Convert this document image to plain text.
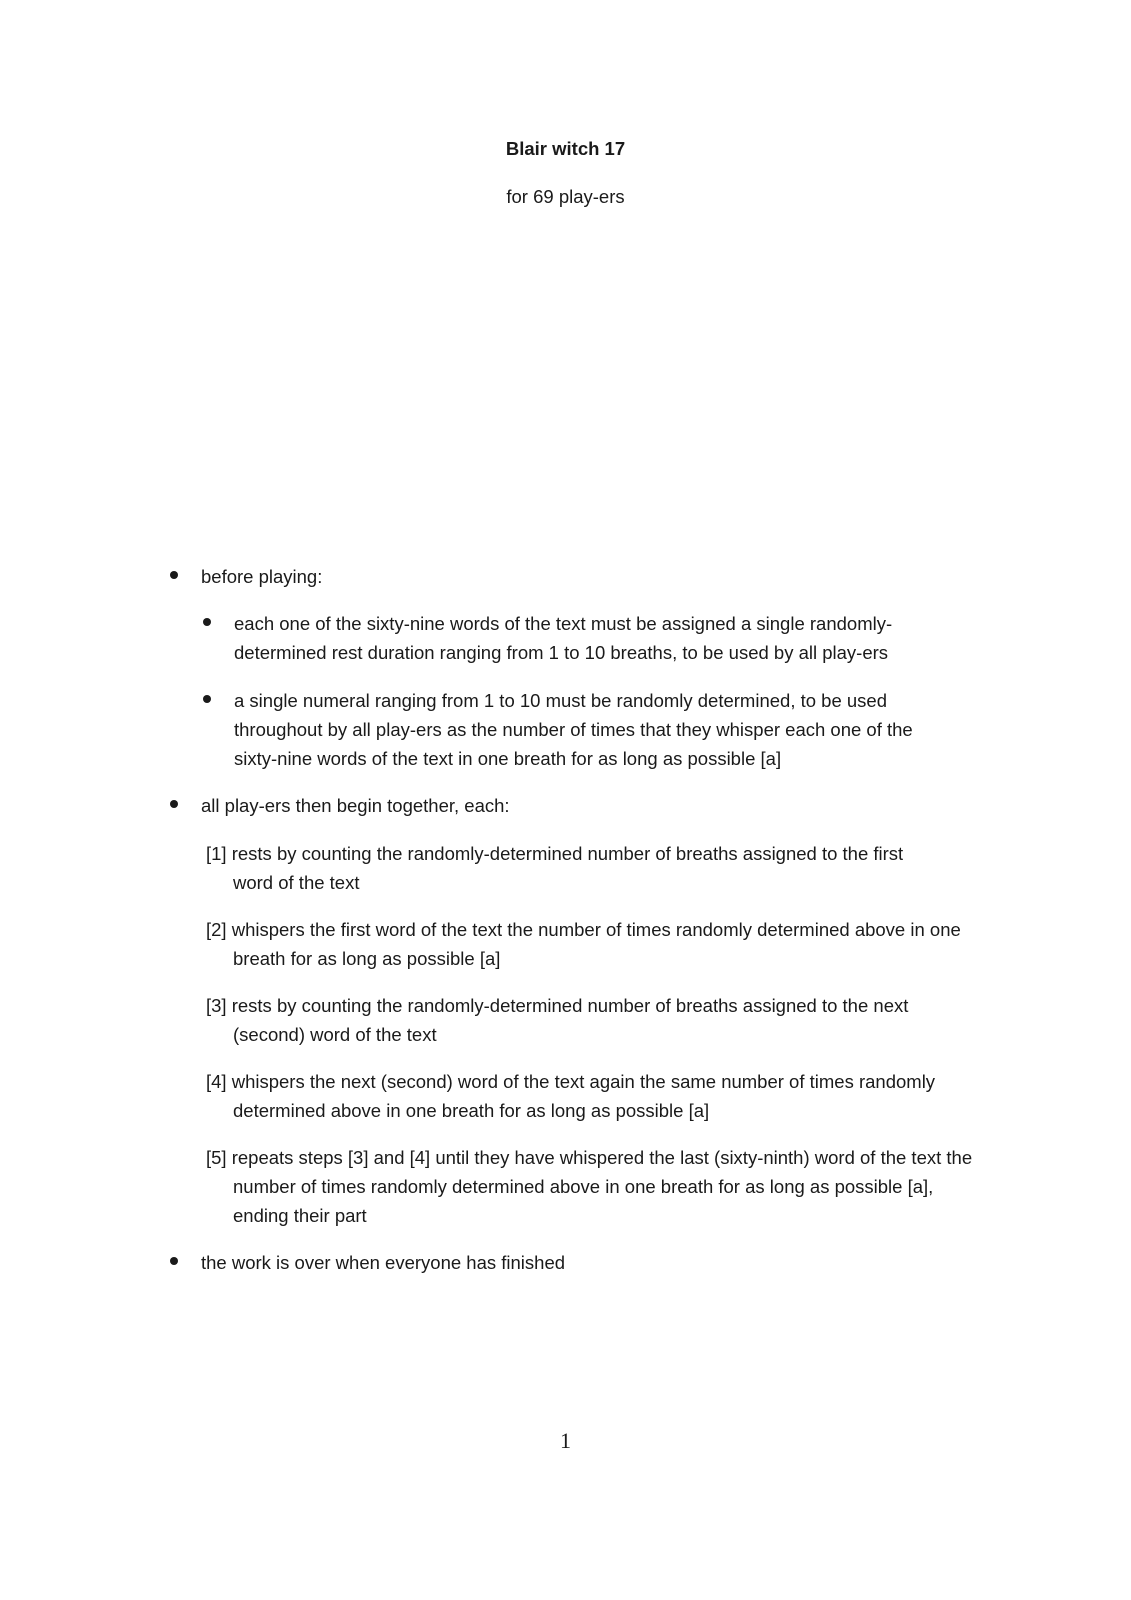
Blair witch 17
for 69 play-ers
before playing:
each one of the sixty-nine words of the text must be assigned a single randomly-determined rest duration ranging from 1 to 10 breaths, to be used by all play-ers
a single numeral ranging from 1 to 10 must be randomly determined, to be used throughout by all play-ers as the number of times that they whisper each one of the sixty-nine words of the text in one breath for as long as possible [a]
all play-ers then begin together, each:
[1] rests by counting the randomly-determined number of breaths assigned to the first word of the text
[2] whispers the first word of the text the number of times randomly determined above in one breath for as long as possible [a]
[3] rests by counting the randomly-determined number of breaths assigned to the next (second) word of the text
[4] whispers the next (second) word of the text again the same number of times randomly determined above in one breath for as long as possible [a]
[5] repeats steps [3] and [4] until they have whispered the last (sixty-ninth) word of the text the number of times randomly determined above in one breath for as long as possible [a], ending their part
the work is over when everyone has finished
1
